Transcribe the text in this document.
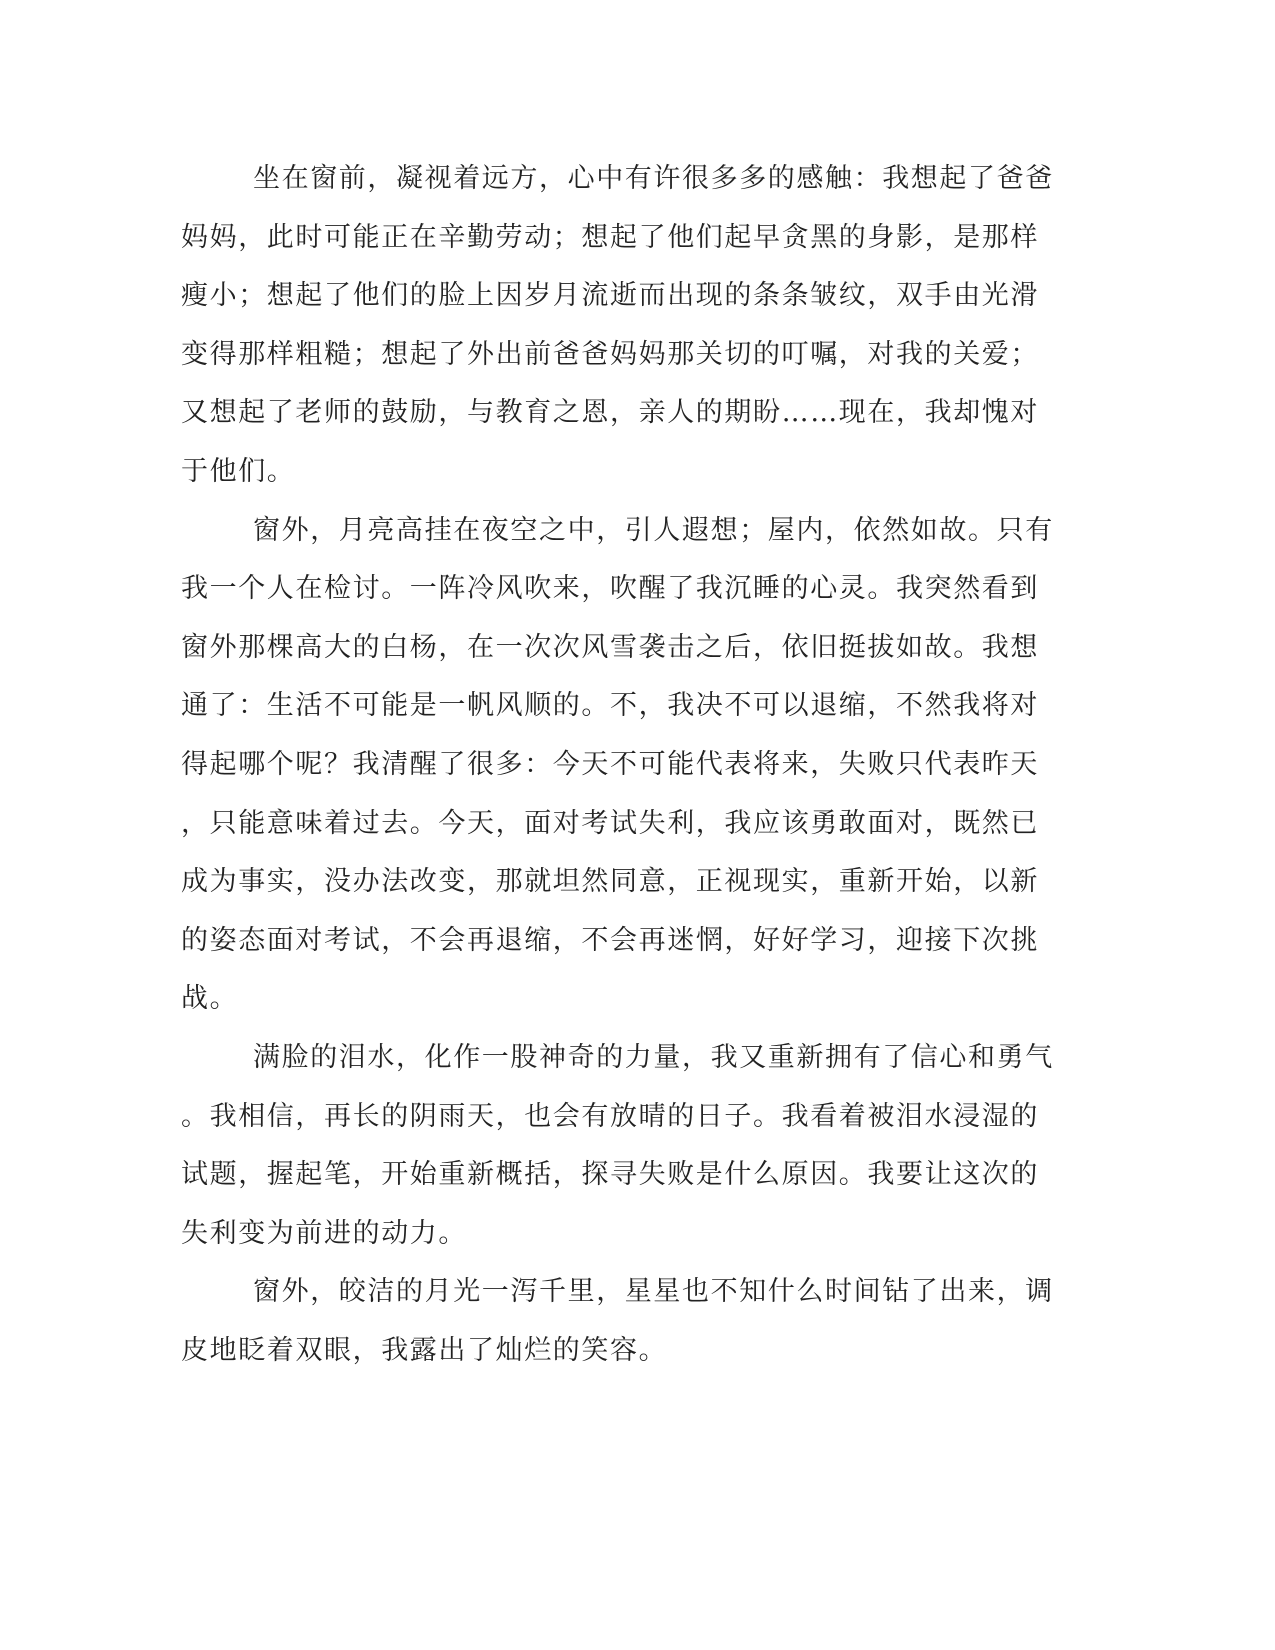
坐在窗前，凝视着远方，心中有许很多多的感触：我想起了爸爸
妈妈，此时可能正在辛勤劳动；想起了他们起早贪黑的身影，是那样
瘦小；想起了他们的脸上因岁月流逝而出现的条条皱纹，双手由光滑
变得那样粗糙；想起了外出前爸爸妈妈那关切的叮嘱，对我的关爱；
又想起了老师的鼓励，与教育之恩，亲人的期盼……现在，我却愧对
于他们。
窗外，月亮高挂在夜空之中，引人遐想；屋内，依然如故。只有
我一个人在检讨。一阵冷风吹来，吹醒了我沉睡的心灵。我突然看到
窗外那棵高大的白杨，在一次次风雪袭击之后，依旧挺拔如故。我想
通了：生活不可能是一帆风顺的。不，我决不可以退缩，不然我将对
得起哪个呢？我清醒了很多：今天不可能代表将来，失败只代表昨天
，只能意味着过去。今天，面对考试失利，我应该勇敢面对，既然已
成为事实，没办法改变，那就坦然同意，正视现实，重新开始，以新
的姿态面对考试，不会再退缩，不会再迷惘，好好学习，迎接下次挑
战。
满脸的泪水，化作一股神奇的力量，我又重新拥有了信心和勇气
。我相信，再长的阴雨天，也会有放晴的日子。我看着被泪水浸湿的
试题，握起笔，开始重新概括，探寻失败是什么原因。我要让这次的
失利变为前进的动力。
窗外，皎洁的月光一泻千里，星星也不知什么时间钻了出来，调
皮地眨着双眼，我露出了灿烂的笑容。
